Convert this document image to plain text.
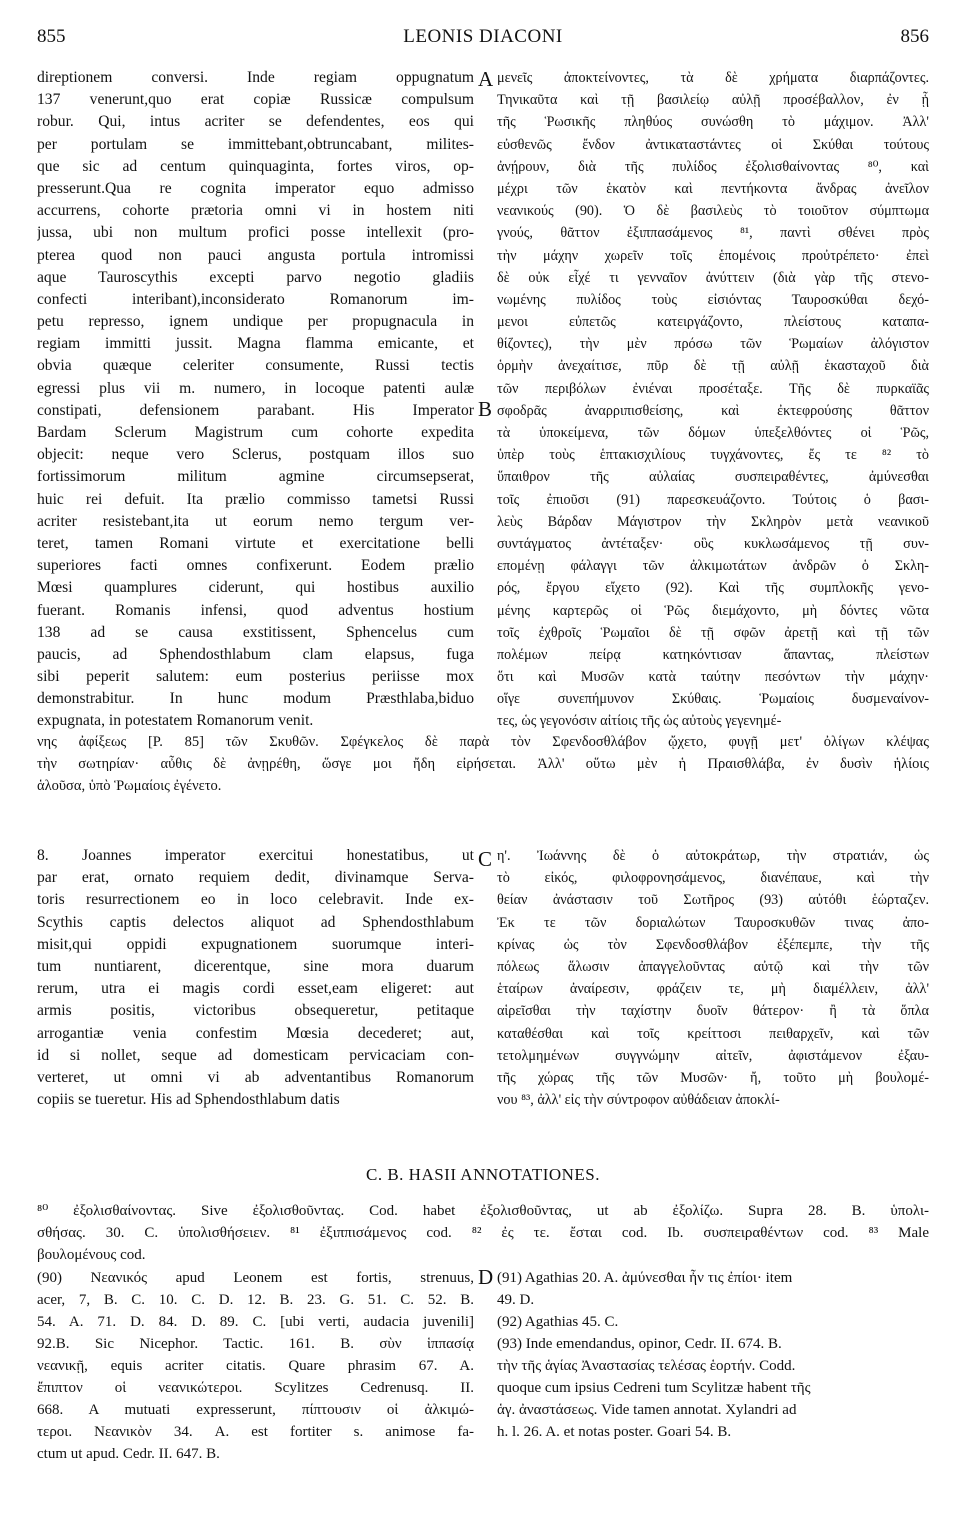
855	LEONIS DIACONI	856
A
B
C
D
direptionem conversi. Inde regiam oppugnatum
137 venerunt,quo erat copiæ Russicæ compulsum
robur. Qui, intus acriter se defendentes, eos qui
per portulam se immittebant,obtruncabant, milites-
que sic ad centum quinquaginta, fortes viros, op-
presserunt.Qua re cognita imperator equo admisso
accurrens, cohorte prætoria omni vi in hostem niti
jussa, ubi non multum profici posse intellexit (pro-
pterea quod non pauci angusta portula intromissi
aque Tauroscythis excepti parvo negotio gladiis
confecti interibant),inconsiderato Romanorum im-
petu represso, ignem undique per propugnacula in
regiam immitti jussit. Magna flamma emicante, et
obvia quæque celeriter consumente, Russi tectis
egressi plus vii m. numero, in locoque patenti aulæ
constipati, defensionem parabant. His Imperator
Bardam Sclerum Magistrum cum cohorte expedita
objecit: neque vero Sclerus, postquam illos suo
fortissimorum militum agmine circumsepserat,
huic rei defuit. Ita prælio commisso tametsi Russi
acriter resistebant,ita ut eorum nemo tergum ver-
teret, tamen Romani virtute et exercitatione belli
superiores facti omnes confixerunt. Eodem prælio
Mœsi quamplures ciderunt, qui hostibus auxilio
fuerant. Romanis infensi, quod adventus hostium
138 ad se causa exstitissent, Sphencelus cum
paucis, ad Sphendosthlabum clam elapsus, fuga
sibi peperit salutem: eum posterius periisse mox
demonstrabitur. In hunc modum Præsthlaba,biduo
expugnata, in potestatem Romanorum venit.
μενεῖς ἀποκτείνοντες, τὰ δὲ χρήματα διαρπάζοντες.
Τηνικαῦτα καὶ τῇ βασιλείῳ αὐλῇ προσέβαλλον, ἐν ᾗ
τῆς Ῥωσικῆς πληθύος συνώσθη τὸ μάχιμον. Ἀλλ'
εὐσθενῶς ἔνδον ἀντικαταστάντες οἱ Σκύθαι τούτους
ἀνῄρουν, διὰ τῆς πυλίδος ἐξολισθαίνοντας ⁸⁰, καὶ
μέχρι τῶν ἑκατὸν καὶ πεντήκοντα ἄνδρας ἀνεῖλον
νεανικούς (90). Ὁ δὲ βασιλεὺς τὸ τοιοῦτον σύμπτωμα
γνούς, θᾶττον ἐξιππασάμενος ⁸¹, παντὶ σθένει πρὸς
τὴν μάχην χωρεῖν τοῖς ἑπομένοις προὐτρέπετο· ἐπεὶ
δὲ οὐκ εἶχέ τι γενναῖον ἀνύττειν (διὰ γὰρ τῆς στενο-
νωμένης πυλίδος τοὺς εἰσιόντας Ταυροσκύθαι δεχό-
μενοι εὐπετῶς κατειργάζοντο, πλείστους καταπα-
θίζοντες), τὴν μὲν πρόσω τῶν Ῥωμαίων ἀλόγιστον
ὁρμὴν ἀνεχαίτισε, πῦρ δὲ τῇ αὐλῇ ἑκασταχοῦ διὰ
τῶν περιβόλων ἐνιέναι προσέταξε. Τῆς δὲ πυρκαϊᾶς
σφοδρᾶς ἀναρριπισθείσης, καὶ ἐκτεφρούσης θᾶττον
τὰ ὑποκείμενα, τῶν δόμων ὑπεξελθόντες οἱ Ῥῶς,
ὑπὲρ τοὺς ἑπτακισχιλίους τυγχάνοντες, ἔς τε ⁸² τὸ
ὕπαιθρον τῆς αὐλαίας συσπειραθέντες, ἀμύνεσθαι
τοῖς ἐπιοῦσι (91) παρεσκευάζοντο. Τούτοις ὁ βασι-
λεὺς Βάρδαν Μάγιστρον τὴν Σκληρὸν μετὰ νεανικοῦ
συντάγματος ἀντέταξεν· οὓς κυκλωσάμενος τῇ συν-
επομένῃ φάλαγγι τῶν ἀλκιμωτάτων ἀνδρῶν ὁ Σκλη-
ρός, ἔργου εἴχετο (92). Καὶ τῆς συμπλοκῆς γενο-
μένης καρτερῶς οἱ Ῥῶς διεμάχοντο, μὴ δόντες νῶτα
τοῖς ἐχθροῖς Ῥωμαῖοι δὲ τῇ σφῶν ἀρετῇ καὶ τῇ τῶν
πολέμων πείρᾳ κατηκόντισαν ἅπαντας, πλείστων
ὅτι καὶ Μυσῶν κατὰ ταύτην πεσόντων τὴν μάχην·
οἵγε συνεπήμυνον Σκύθαις. Ῥωμαίοις δυσμεναίνον-
τες, ὡς γεγονόσιν αἰτίοις τῆς ὡς αὐτοὺς γεγενημέ-
νης ἀφίξεως [P. 85] τῶν Σκυθῶν. Σφέγκελος δὲ παρὰ τὸν Σφενδοσθλάβον ᾤχετο, φυγῇ μετ' ὀλίγων κλέψας
τὴν σωτηρίαν· αὖθις δὲ ἀνῃρέθη, ὥσγε μοι ἤδη εἰρήσεται. Ἀλλ' οὕτω μὲν ἡ Πραισθλάβα, ἐν δυσὶν ἡλίοις
ἁλοῦσα, ὑπὸ Ῥωμαίοις ἐγένετο.
8. Joannes imperator exercitui honestatibus, ut
par erat, ornato requiem dedit, divinamque Servа-
toris resurrectionem eo in loco celebravit. Inde ex-
Scythis captis delectos aliquot ad Sphendosthlabum
misit,qui oppidi expugnationem suorumque interi-
tum nuntiarent, dicerentque, sine mora duarum
rerum, utra ei magis cordi esset,eam eligeret: aut
armis positis, victoribus obsequeretur, petitaque
arrogantiæ venia confestim Mœsia decederet; aut,
id si nollet, seque ad domesticam pervicaciam con-
verteret, ut omni vi ab adventantibus Romanorum
copiis se tueretur. His ad Sphendosthlabum datis
η'. Ἰωάννης δὲ ὁ αὐτοκράτωρ, τὴν στρατιάν, ὡς
τὸ εἰκός, φιλοφρονησάμενος, διανέπαυε, καὶ τὴν
θείαν ἀνάστασιν τοῦ Σωτῆρος (93) αὐτόθι ἑώρταζεν.
Ἐκ τε τῶν δοριαλώτων Ταυροσκυθῶν τινας ἀπο-
κρίνας ὡς τὸν Σφενδοσθλάβον ἐξέπεμπε, τὴν τῆς
πόλεως ἅλωσιν ἀπαγγελοῦντας αὐτῷ καὶ τὴν τῶν
ἑταίρων ἀναίρεσιν, φράζειν τε, μὴ διαμέλλειν, ἀλλ'
αἱρεῖσθαι τὴν ταχίστην δυοῖν θάτερον· ἢ τὰ ὅπλα
καταθέσθαι καὶ τοῖς κρείττοσι πειθαρχεῖν, καὶ τῶν
τετολμημένων συγγνώμην αἰτεῖν, ἀφιστάμενον ἐξαυ-
τῆς χώρας τῆς τῶν Μυσῶν· ἤ, τοῦτο μὴ βουλομέ-
νου ⁸³, ἀλλ' εἰς τὴν σύντροφον αὐθάδειαν ἀποκλί-
C. B. HASII ANNOTATIONES.
⁸⁰ ἐξολισθαίνοντας. Sive ἐξολισθοῦντας. Cod. habet ἐξολισθοῦντας, ut ab ἐξολίζω. Supra 28. B. ὑπολι-
σθήσας. 30. C. ὑπολισθήσειεν. ⁸¹ ἐξιππισάμενος cod. ⁸² ἐς τε. ἔσται cod. Ib. συσπειραθέντων cod. ⁸³ Male
βουλομένους cod.
(90) Νεανικός apud Leonem est fortis, strenuus,
acer, 7, B. C. 10. C. D. 12. B. 23. G. 51. C. 52. B.
54. A. 71. D. 84. D. 89. C. [ubi verti, audacia juvenili]
92.B. Sic Nicephor. Tactic. 161. B. σὺν ἱππασίᾳ
νεανικῇ, equis acriter citatis. Quare phrasim 67. A.
ἔπιπτον οἱ νεανικώτεροι. Scylitzes Cedrenusq. II.
668. A mutuati expresserunt, πίπτουσιν οἱ ἀλκιμώ-
τεροι. Νεανικὸν 34. A. est fortiter s. animose fa-
ctum ut apud. Cedr. II. 647. B.
(91) Agathias 20. A. ἀμύνεσθαι ἦν τις ἐπίοι· item
49. D.
(92) Agathias 45. C.
(93) Inde emendandus, opinor, Cedr. II. 674. B.
τὴν τῆς ἁγίας Ἀναστασίας τελέσας ἑορτήν. Codd.
quoque cum ipsius Cedreni tum Scylitzæ habent τῆς
ἁγ. ἀναστάσεως. Vide tamen annotat. Xylandri ad
h. l. 26. A. et notas poster. Goari 54. B.
